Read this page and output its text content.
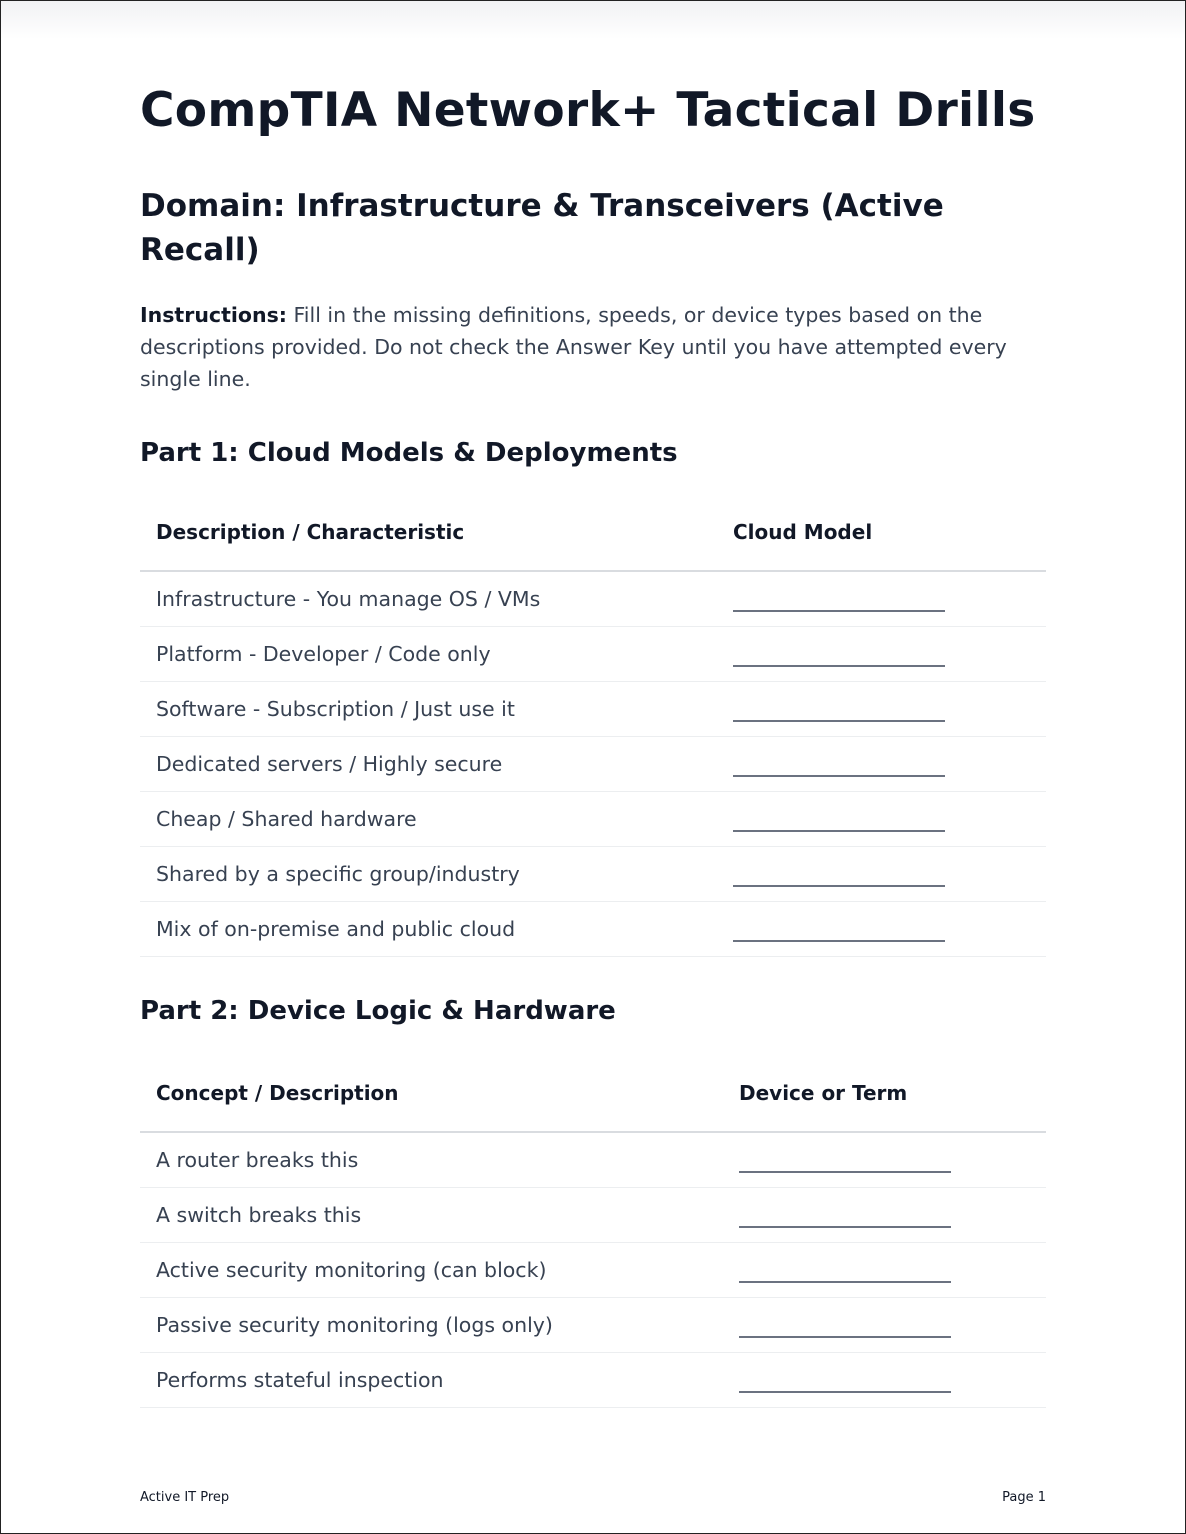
CompTIA Network+ Tactical Drills
Domain: Infrastructure & Transceivers (Active Recall)

Instructions: Fill in the missing definitions, speeds, or device types based on the descriptions provided. Do not check the Answer Key until you have attempted every single line.

Part 1: Cloud Models & Deployments
Description / Characteristic	Cloud Model
Infrastructure - You manage OS / VMs	
Platform - Developer / Code only	
Software - Subscription / Just use it	
Dedicated servers / Highly secure	
Cheap / Shared hardware	
Shared by a specific group/industry	
Mix of on-premise and public cloud	
Part 2: Device Logic & Hardware
Concept / Description	Device or Term
A router breaks this	
A switch breaks this	
Active security monitoring (can block)	
Passive security monitoring (logs only)	
Performs stateful inspection	
Active IT Prep	Page 1
